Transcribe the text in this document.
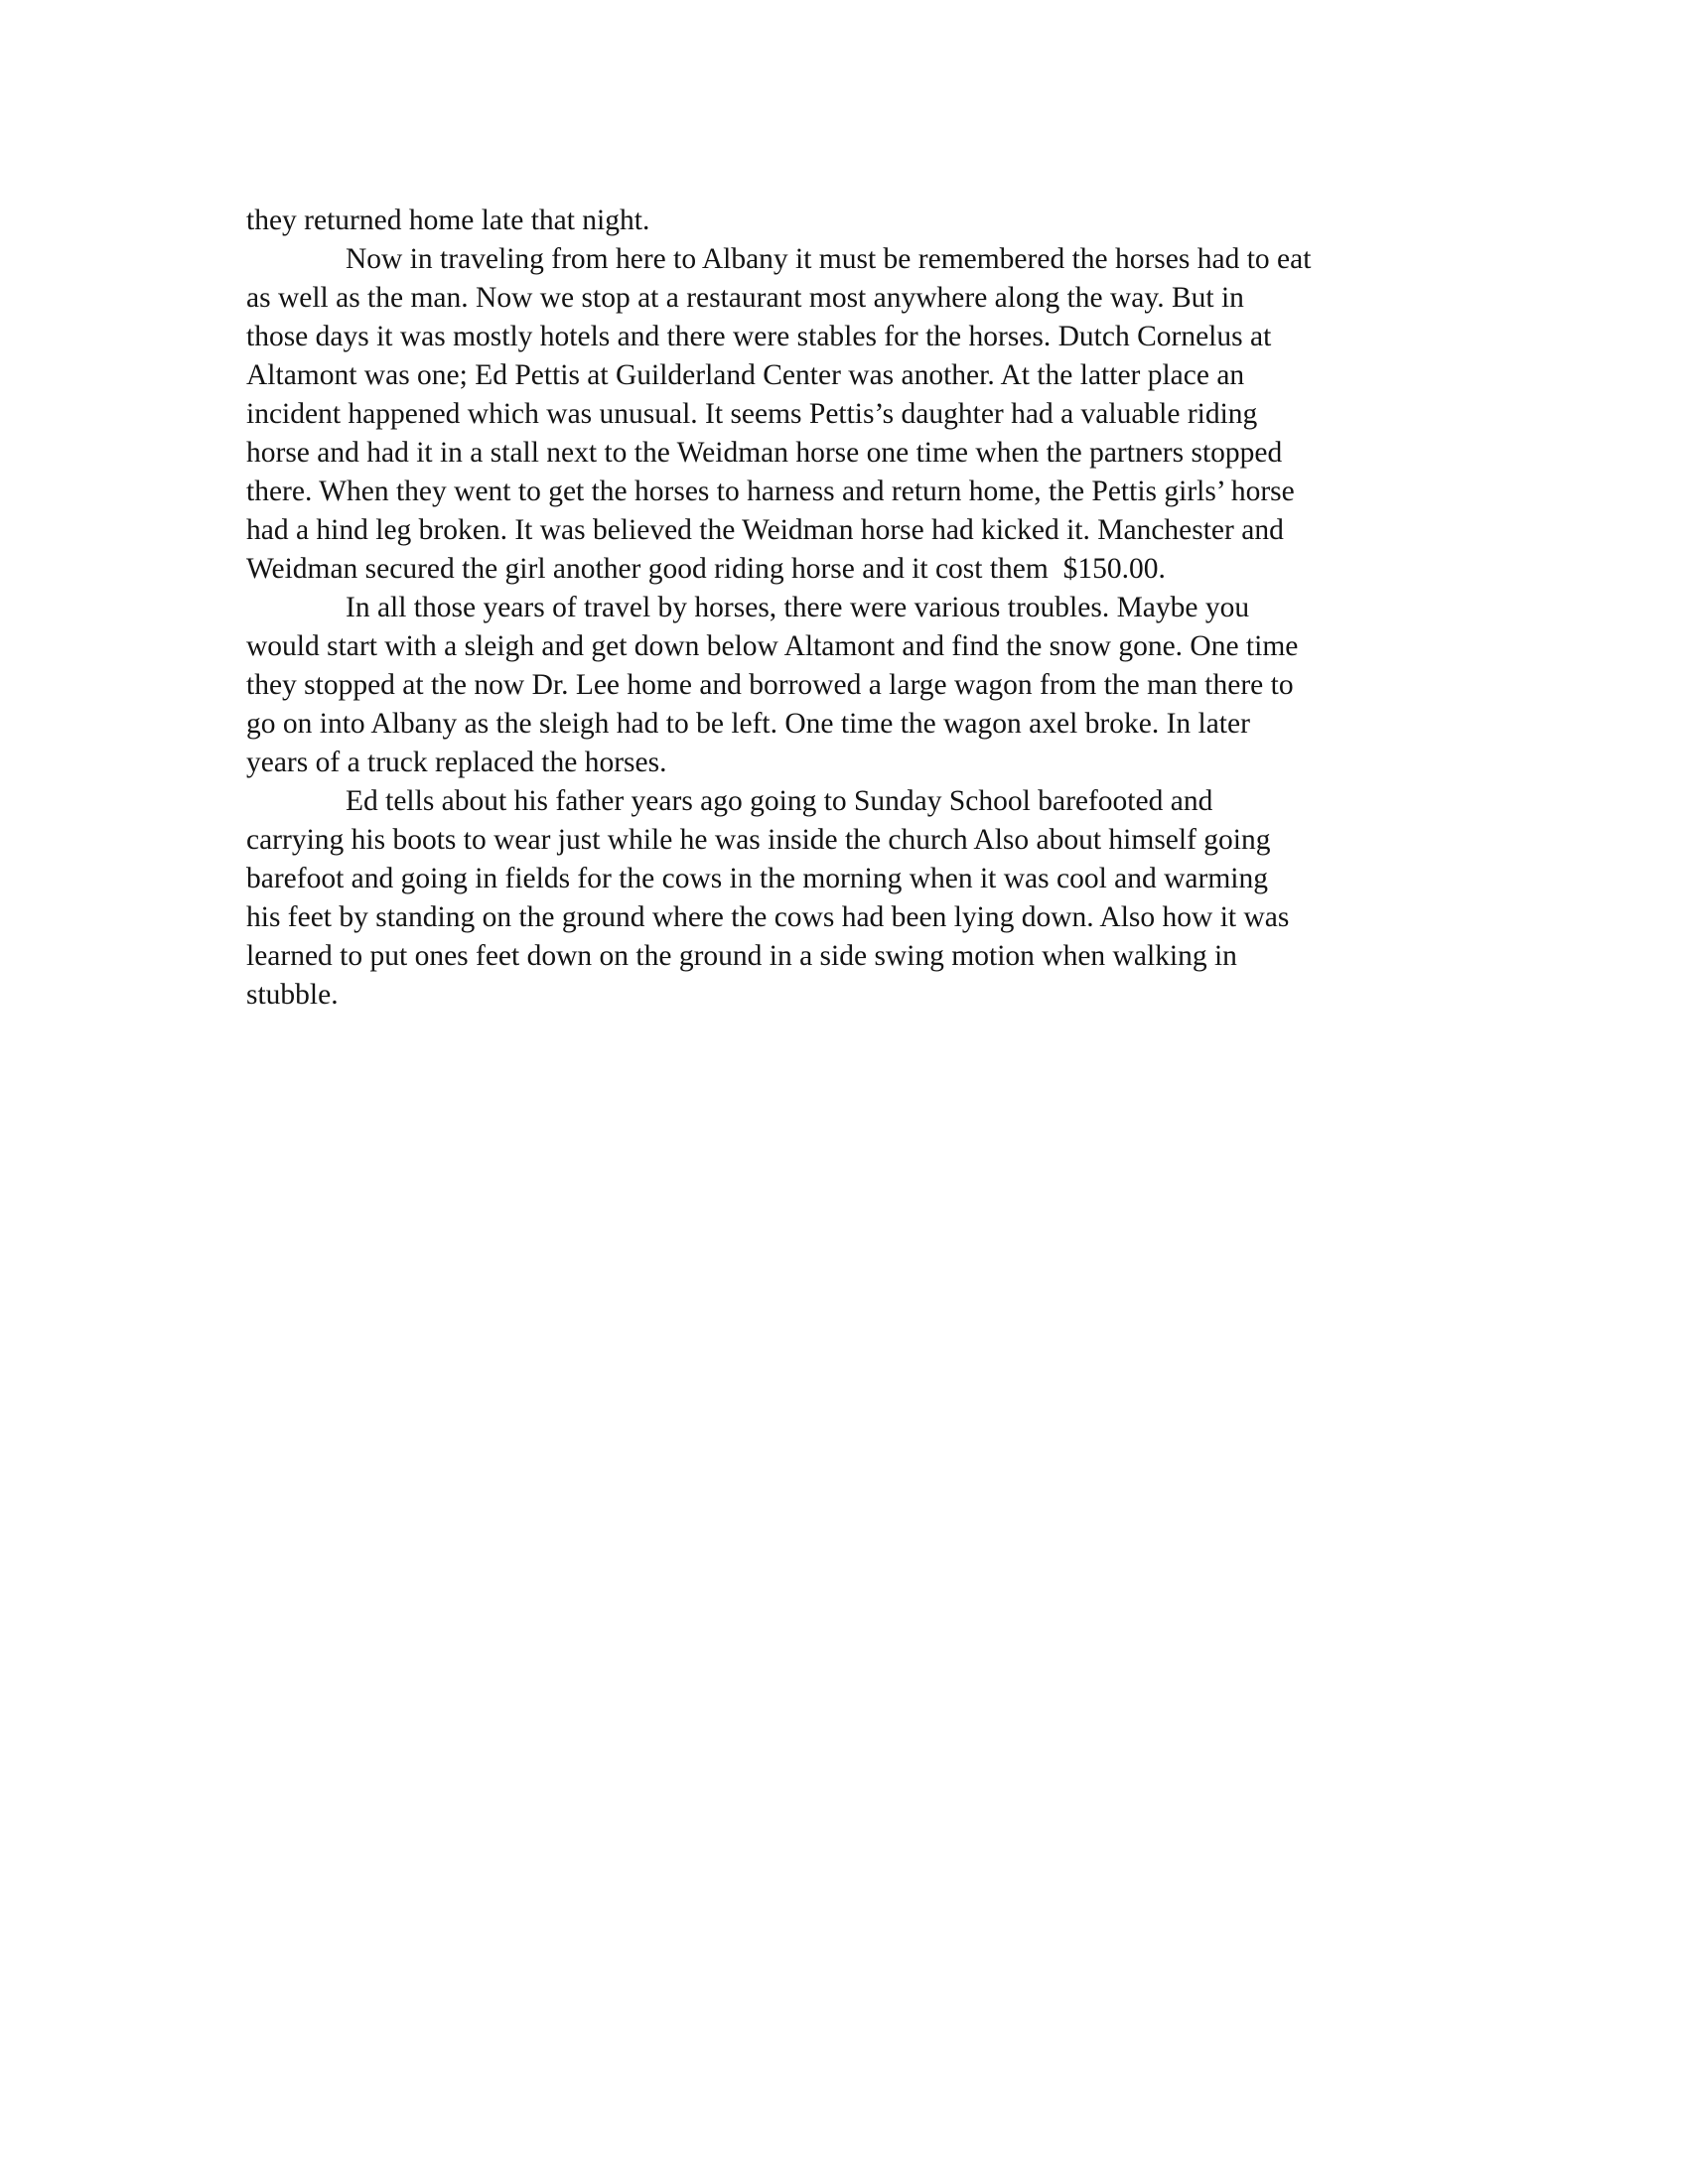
they returned home late that night.
Now in traveling from here to Albany it must be remembered the horses had to eat
as well as the man. Now we stop at a restaurant most anywhere along the way. But in
those days it was mostly hotels and there were stables for the horses. Dutch Cornelus at
Altamont was one; Ed Pettis at Guilderland Center was another. At the latter place an
incident happened which was unusual. It seems Pettis’s daughter had a valuable riding
horse and had it in a stall next to the Weidman horse one time when the partners stopped
there. When they went to get the horses to harness and return home, the Pettis girls’ horse
had a hind leg broken. It was believed the Weidman horse had kicked it. Manchester and
Weidman secured the girl another good riding horse and it cost them  $150.00.
In all those years of travel by horses, there were various troubles. Maybe you
would start with a sleigh and get down below Altamont and find the snow gone. One time
they stopped at the now Dr. Lee home and borrowed a large wagon from the man there to
go on into Albany as the sleigh had to be left. One time the wagon axel broke. In later
years of a truck replaced the horses.
Ed tells about his father years ago going to Sunday School barefooted and
carrying his boots to wear just while he was inside the church Also about himself going
barefoot and going in fields for the cows in the morning when it was cool and warming
his feet by standing on the ground where the cows had been lying down. Also how it was
learned to put ones feet down on the ground in a side swing motion when walking in
stubble.
